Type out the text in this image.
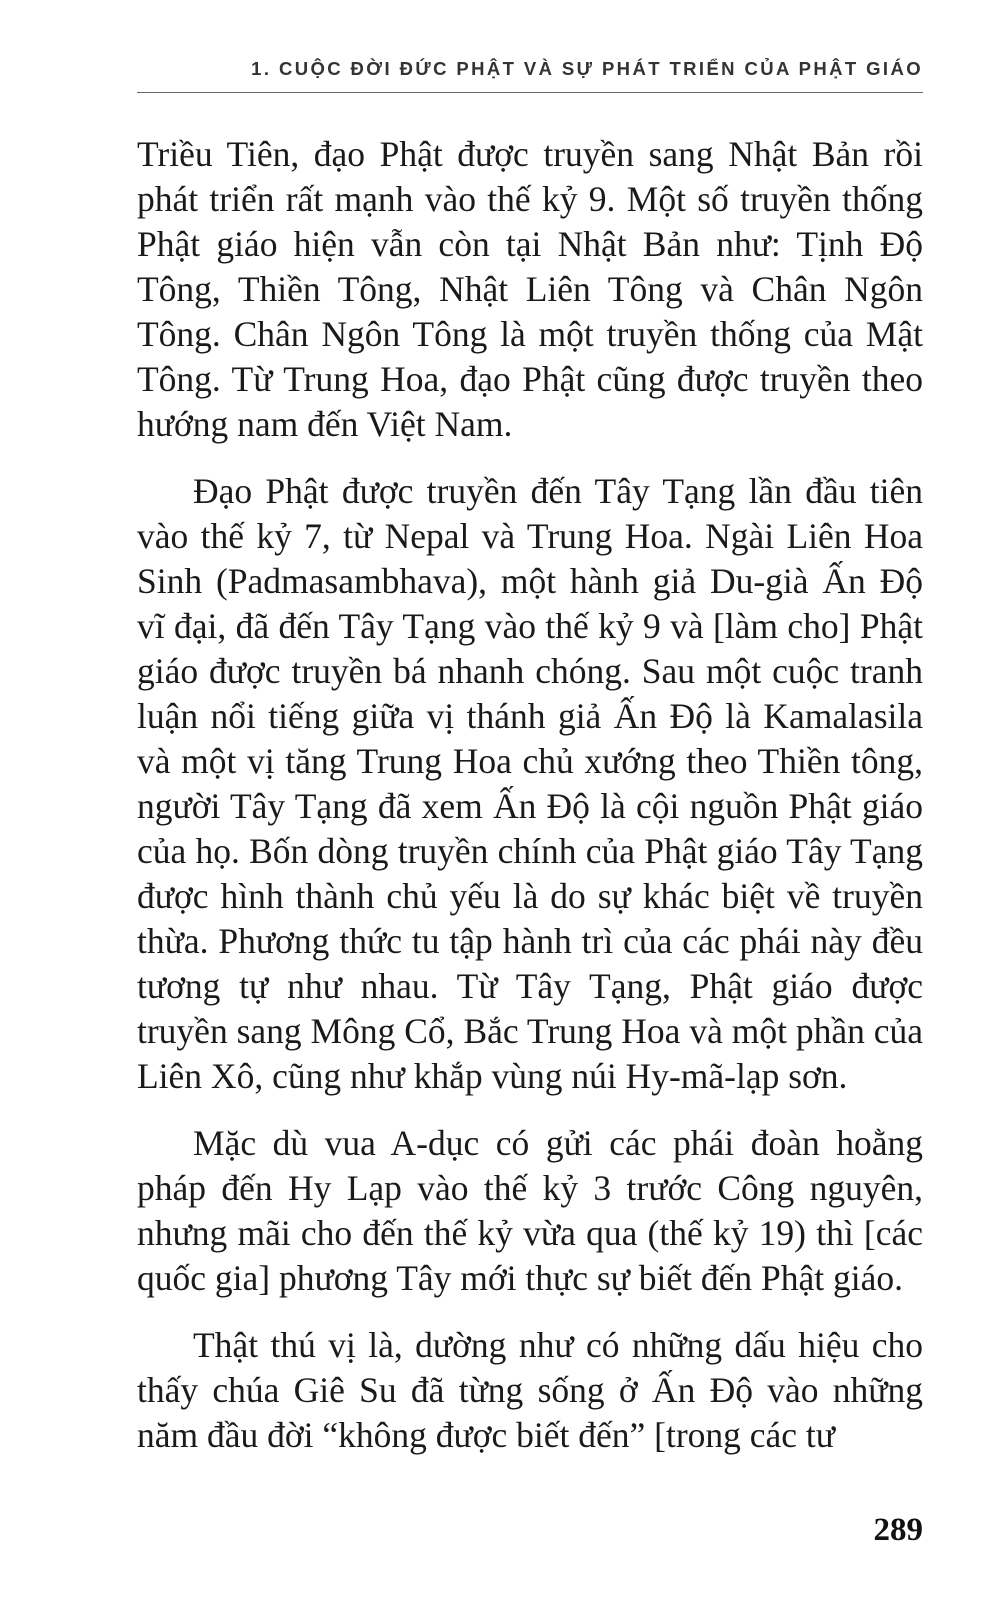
1. CUỘC ĐỜI ĐỨC PHẬT VÀ SỰ PHÁT TRIỂN CỦA PHẬT GIÁO

Triều Tiên, đạo Phật được truyền sang Nhật Bản rồi phát triển rất mạnh vào thế kỷ 9. Một số truyền thống Phật giáo hiện vẫn còn tại Nhật Bản như: Tịnh Độ Tông, Thiền Tông, Nhật Liên Tông và Chân Ngôn Tông. Chân Ngôn Tông là một truyền thống của Mật Tông. Từ Trung Hoa, đạo Phật cũng được truyền theo hướng nam đến Việt Nam.

Đạo Phật được truyền đến Tây Tạng lần đầu tiên vào thế kỷ 7, từ Nepal và Trung Hoa. Ngài Liên Hoa Sinh (Padmasambhava), một hành giả Du-già Ấn Độ vĩ đại, đã đến Tây Tạng vào thế kỷ 9 và [làm cho] Phật giáo được truyền bá nhanh chóng. Sau một cuộc tranh luận nổi tiếng giữa vị thánh giả Ấn Độ là Kamalasila và một vị tăng Trung Hoa chủ xướng theo Thiền tông, người Tây Tạng đã xem Ấn Độ là cội nguồn Phật giáo của họ. Bốn dòng truyền chính của Phật giáo Tây Tạng được hình thành chủ yếu là do sự khác biệt về truyền thừa. Phương thức tu tập hành trì của các phái này đều tương tự như nhau. Từ Tây Tạng, Phật giáo được truyền sang Mông Cổ, Bắc Trung Hoa và một phần của Liên Xô, cũng như khắp vùng núi Hy-mã-lạp sơn.

Mặc dù vua A-dục có gửi các phái đoàn hoằng pháp đến Hy Lạp vào thế kỷ 3 trước Công nguyên, nhưng mãi cho đến thế kỷ vừa qua (thế kỷ 19) thì [các quốc gia] phương Tây mới thực sự biết đến Phật giáo.

Thật thú vị là, dường như có những dấu hiệu cho thấy chúa Giê Su đã từng sống ở Ấn Độ vào những năm đầu đời “không được biết đến” [trong các tư

289
